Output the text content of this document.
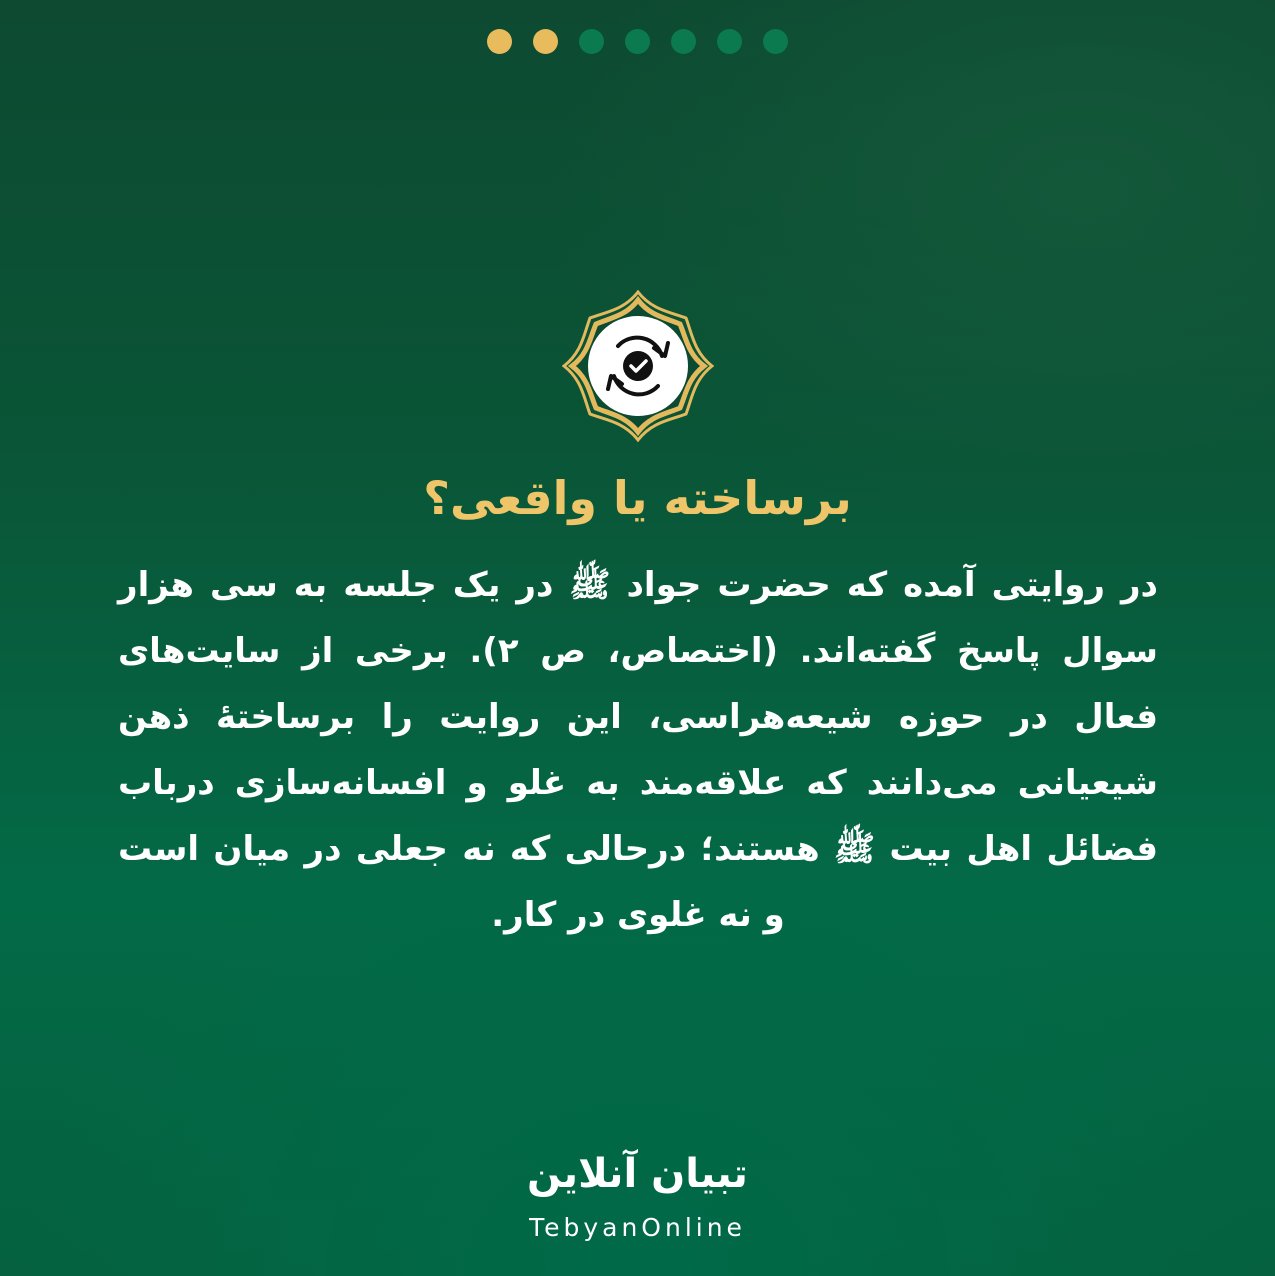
برساخته یا واقعی؟

در روایتی آمده که حضرت جواد ﷺ در یک جلسه به سی هزار سوال پاسخ گفته‌اند. (اختصاص، ص ۲). برخی از سایت‌های فعال در حوزه شیعه‌هراسی، این روایت را برساختهٔ ذهن شیعیانی می‌دانند که علاقه‌مند به غلو و افسانه‌سازی درباب فضائل اهل بیت ﷺ هستند؛ درحالی که نه جعلی در میان است و نه غلوی در کار.

تبیان آنلاین
TebyanOnline
